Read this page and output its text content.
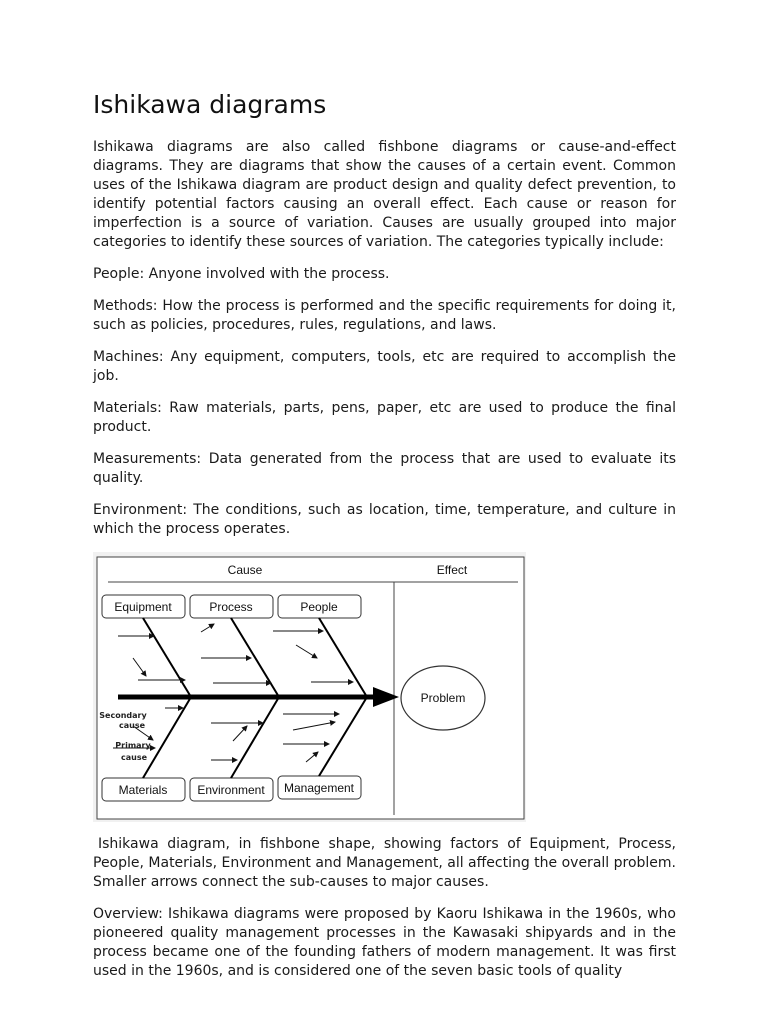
Ishikawa diagrams

Ishikawa diagrams are also called fishbone diagrams or cause-and-effect diagrams. They are diagrams that show the causes of a certain event. Common uses of the Ishikawa diagram are product design and quality defect prevention, to identify potential factors causing an overall effect. Each cause or reason for imperfection is a source of variation. Causes are usually grouped into major categories to identify these sources of variation. The categories typically include:

People: Anyone involved with the process.

Methods: How the process is performed and the specific requirements for doing it, such as policies, procedures, rules, regulations, and laws.

Machines: Any equipment, computers, tools, etc are required to accomplish the job.

Materials: Raw materials, parts, pens, paper, etc are used to produce the final product.

Measurements: Data generated from the process that are used to evaluate its quality.

Environment: The conditions, such as location, time, temperature, and culture in which the process operates.

Cause	Effect
Equipment	Process	People
Materials Environment Management
Secondary
cause
Primary
cause
Problem

Ishikawa diagram, in fishbone shape, showing factors of Equipment, Process, People, Materials, Environment and Management, all affecting the overall problem. Smaller arrows connect the sub-causes to major causes.

Overview: Ishikawa diagrams were proposed by Kaoru Ishikawa in the 1960s, who pioneered quality management processes in the Kawasaki shipyards and in the process became one of the founding fathers of modern management. It was first used in the 1960s, and is considered one of the seven basic tools of quality
